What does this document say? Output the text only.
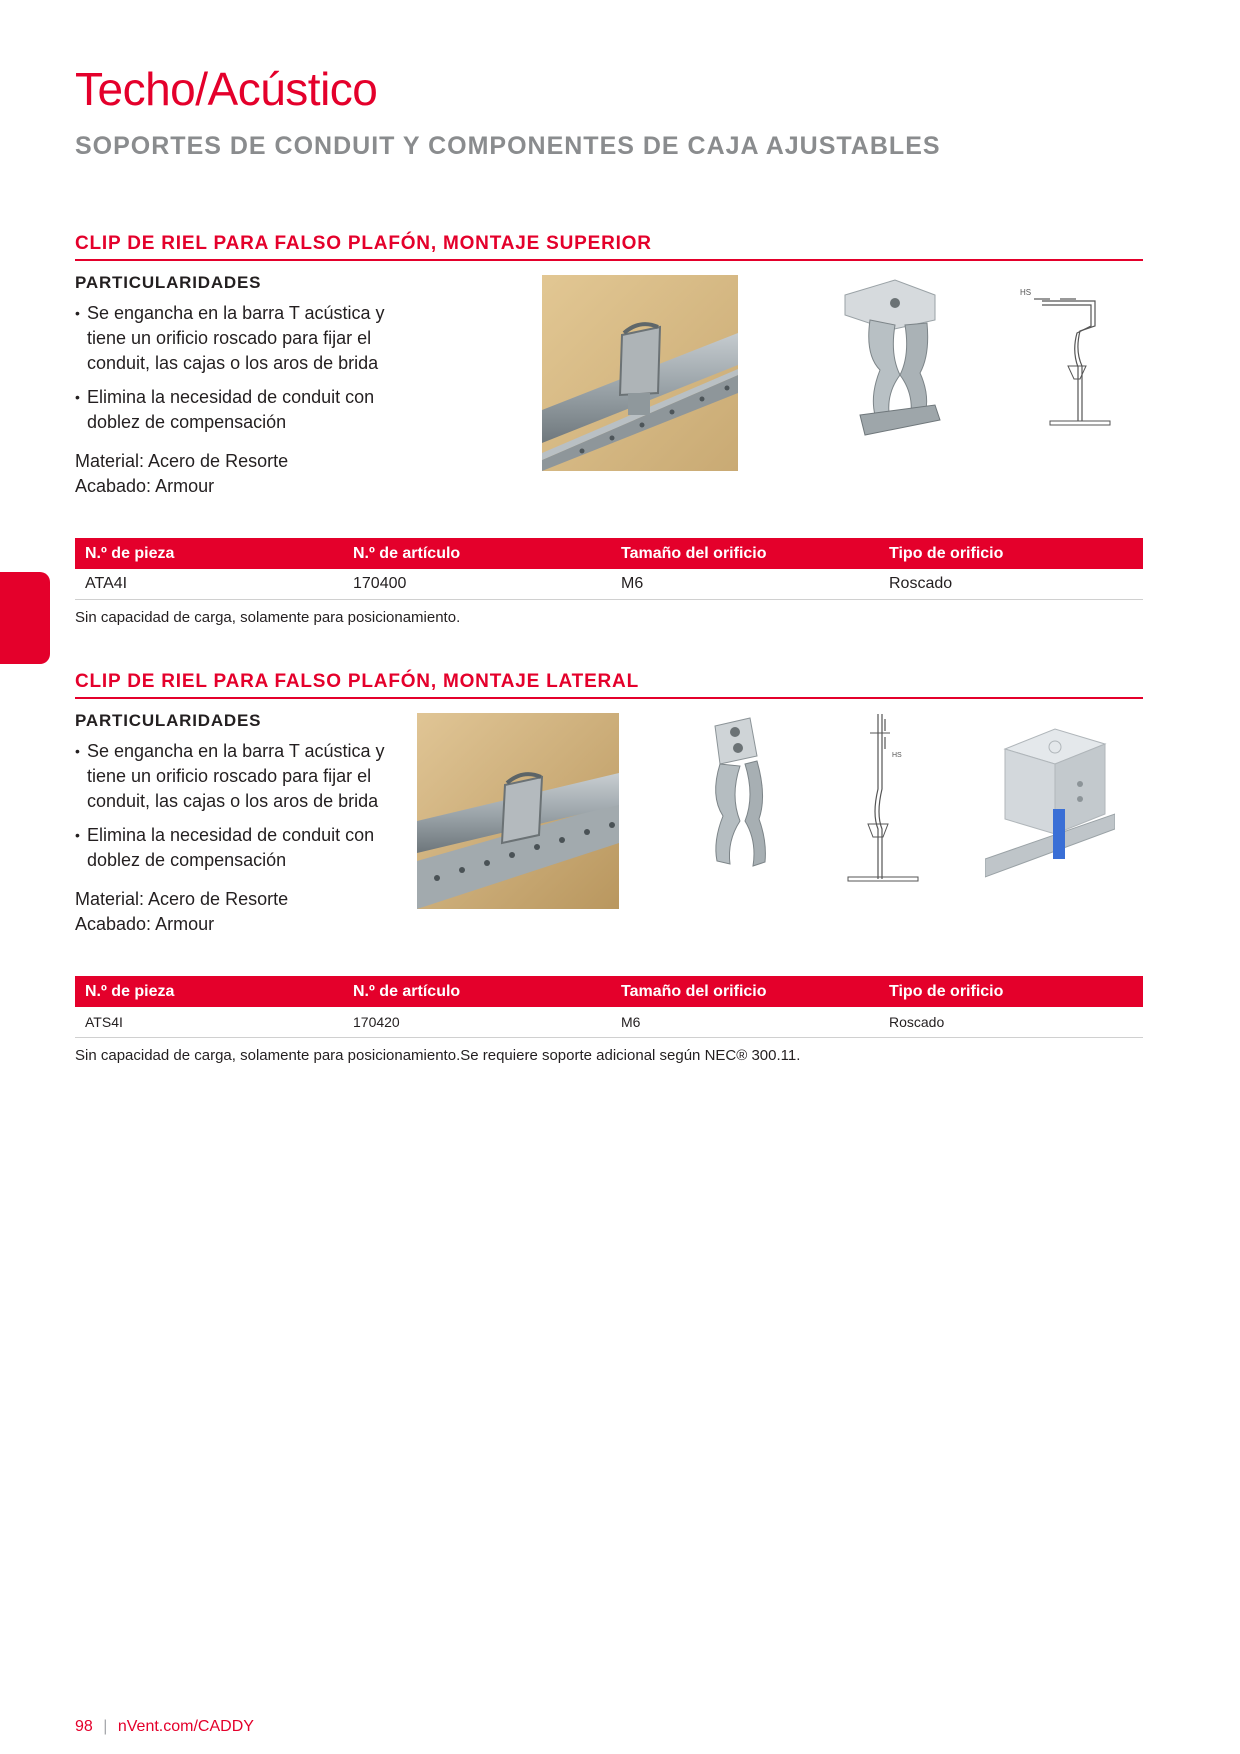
Techo/Acústico
SOPORTES DE CONDUIT Y COMPONENTES DE CAJA AJUSTABLES
CLIP DE RIEL PARA FALSO PLAFÓN, MONTAJE SUPERIOR
PARTICULARIDADES
• Se engancha en la barra T acústica y tiene un orificio roscado para fijar el conduit, las cajas o los aros de brida
• Elimina la necesidad de conduit con doblez de compensación
Material: Acero de Resorte
Acabado: Armour
HS
N.º de pieza	N.º de artículo	Tamaño del orificio	Tipo de orificio
ATA4I	170400	M6	Roscado
Sin capacidad de carga, solamente para posicionamiento.
CLIP DE RIEL PARA FALSO PLAFÓN, MONTAJE LATERAL
PARTICULARIDADES
• Se engancha en la barra T acústica y tiene un orificio roscado para fijar el conduit, las cajas o los aros de brida
• Elimina la necesidad de conduit con doblez de compensación
Material: Acero de Resorte
Acabado: Armour
HS
N.º de pieza	N.º de artículo	Tamaño del orificio	Tipo de orificio
ATS4I	170420	M6	Roscado
Sin capacidad de carga, solamente para posicionamiento.Se requiere soporte adicional según NEC® 300.11.
98 | nVent.com/CADDY
